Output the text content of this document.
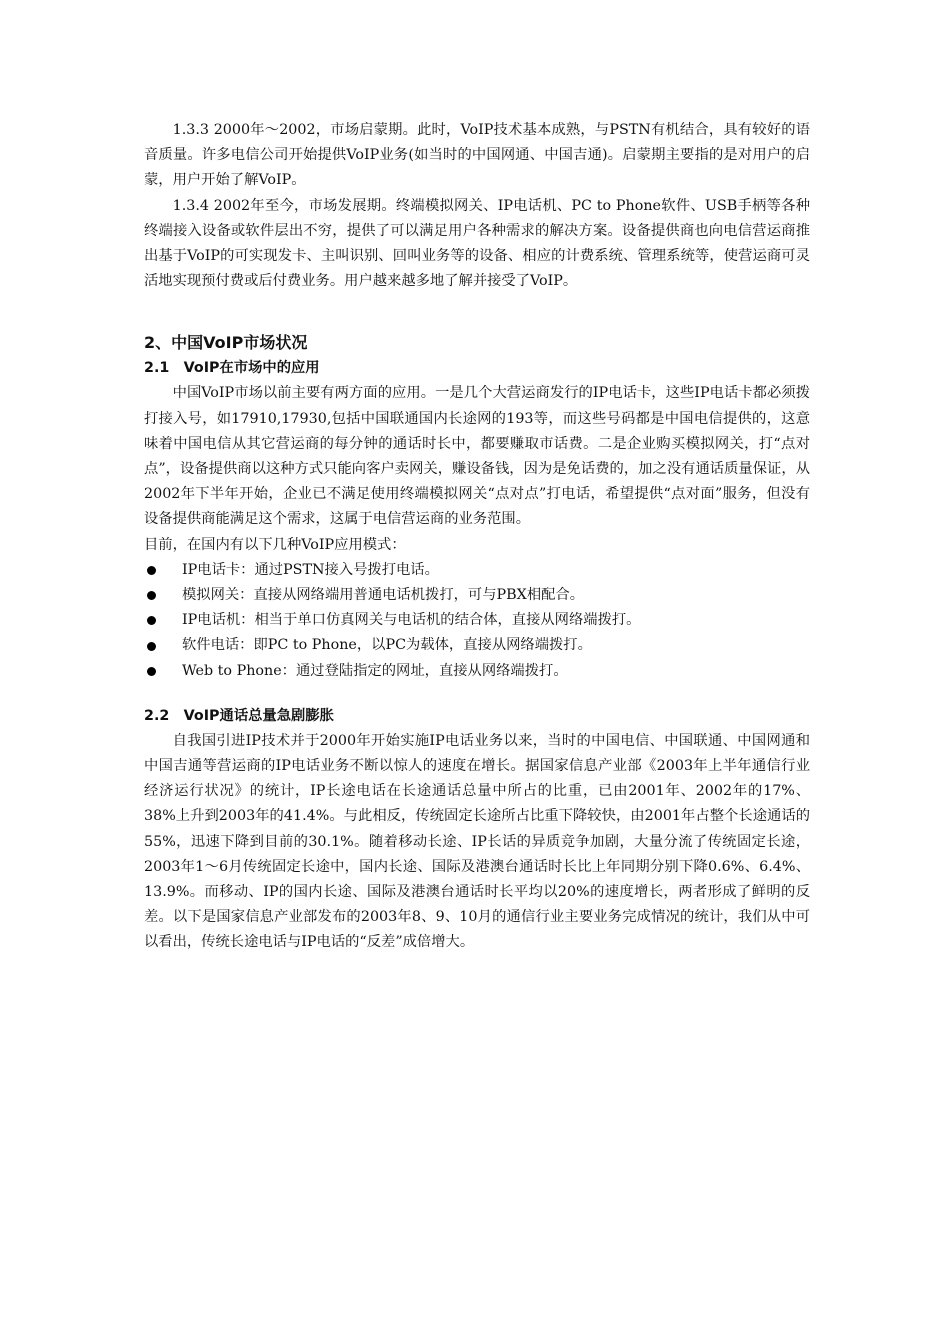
1.3.3 2000年～2002，市场启蒙期。此时，VoIP技术基本成熟，与PSTN有机结合，具有较好的语音质量。许多电信公司开始提供VoIP业务(如当时的中国网通、中国吉通)。启蒙期主要指的是对用户的启蒙，用户开始了解VoIP。

1.3.4 2002年至今，市场发展期。终端模拟网关、IP电话机、PC to Phone软件、USB手柄等各种终端接入设备或软件层出不穷，提供了可以满足用户各种需求的解决方案。设备提供商也向电信营运商推出基于VoIP的可实现发卡、主叫识别、回叫业务等的设备、相应的计费系统、管理系统等，使营运商可灵活地实现预付费或后付费业务。用户越来越多地了解并接受了VoIP。

2、中国VoIP市场状况
2.1　VoIP在市场中的应用

中国VoIP市场以前主要有两方面的应用。一是几个大营运商发行的IP电话卡，这些IP电话卡都必须拨打接入号，如17910,17930,包括中国联通国内长途网的193等，而这些号码都是中国电信提供的，这意味着中国电信从其它营运商的每分钟的通话时长中，都要赚取市话费。二是企业购买模拟网关，打“点对点”，设备提供商以这种方式只能向客户卖网关，赚设备钱，因为是免话费的，加之没有通话质量保证，从2002年下半年开始，企业已不满足使用终端模拟网关“点对点”打电话，希望提供“点对面”服务，但没有设备提供商能满足这个需求，这属于电信营运商的业务范围。

目前，在国内有以下几种VoIP应用模式：

IP电话卡：通过PSTN接入号拨打电话。
模拟网关：直接从网络端用普通电话机拨打，可与PBX相配合。
IP电话机：相当于单口仿真网关与电话机的结合体，直接从网络端拨打。
软件电话：即PC to Phone，以PC为载体，直接从网络端拨打。
Web to Phone：通过登陆指定的网址，直接从网络端拨打。
2.2　VoIP通话总量急剧膨胀

自我国引进IP技术并于2000年开始实施IP电话业务以来，当时的中国电信、中国联通、中国网通和中国吉通等营运商的IP电话业务不断以惊人的速度在增长。据国家信息产业部《2003年上半年通信行业经济运行状况》的统计，IP长途电话在长途通话总量中所占的比重，已由2001年、2002年的17%、38%上升到2003年的41.4%。与此相反，传统固定长途所占比重下降较快，由2001年占整个长途通话的55%，迅速下降到目前的30.1%。随着移动长途、IP长话的异质竞争加剧，大量分流了传统固定长途，2003年1～6月传统固定长途中，国内长途、国际及港澳台通话时长比上年同期分别下降0.6%、6.4%、13.9%。而移动、IP的国内长途、国际及港澳台通话时长平均以20%的速度增长，两者形成了鲜明的反差。以下是国家信息产业部发布的2003年8、9、10月的通信行业主要业务完成情况的统计，我们从中可以看出，传统长途电话与IP电话的“反差”成倍增大。
